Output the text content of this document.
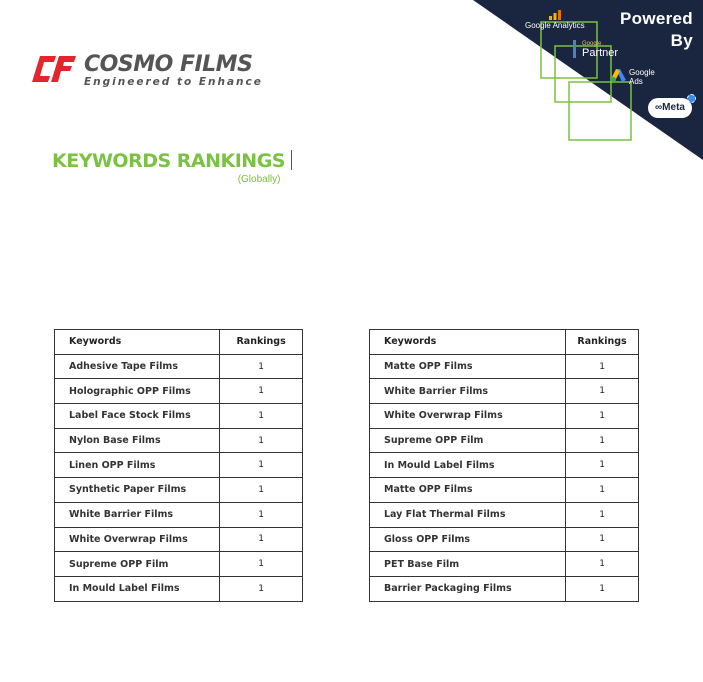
COSMO FILMS
Engineered to Enhance
Powered
By
Google Analytics
Google
Partner
Google
Ads
∞Meta
KEYWORDS RANKINGS
(Globally)
Keywords	Rankings
Adhesive Tape Films	1
Holographic OPP Films	1
Label Face Stock Films	1
Nylon Base Films	1
Linen OPP Films	1
Synthetic Paper Films	1
White Barrier Films	1
White Overwrap Films	1
Supreme OPP Film	1
In Mould Label Films	1
Keywords	Rankings
Matte OPP Films	1
White Barrier Films	1
White Overwrap Films	1
Supreme OPP Film	1
In Mould Label Films	1
Matte OPP Films	1
Lay Flat Thermal Films	1
Gloss OPP Films	1
PET Base Film	1
Barrier Packaging Films	1
